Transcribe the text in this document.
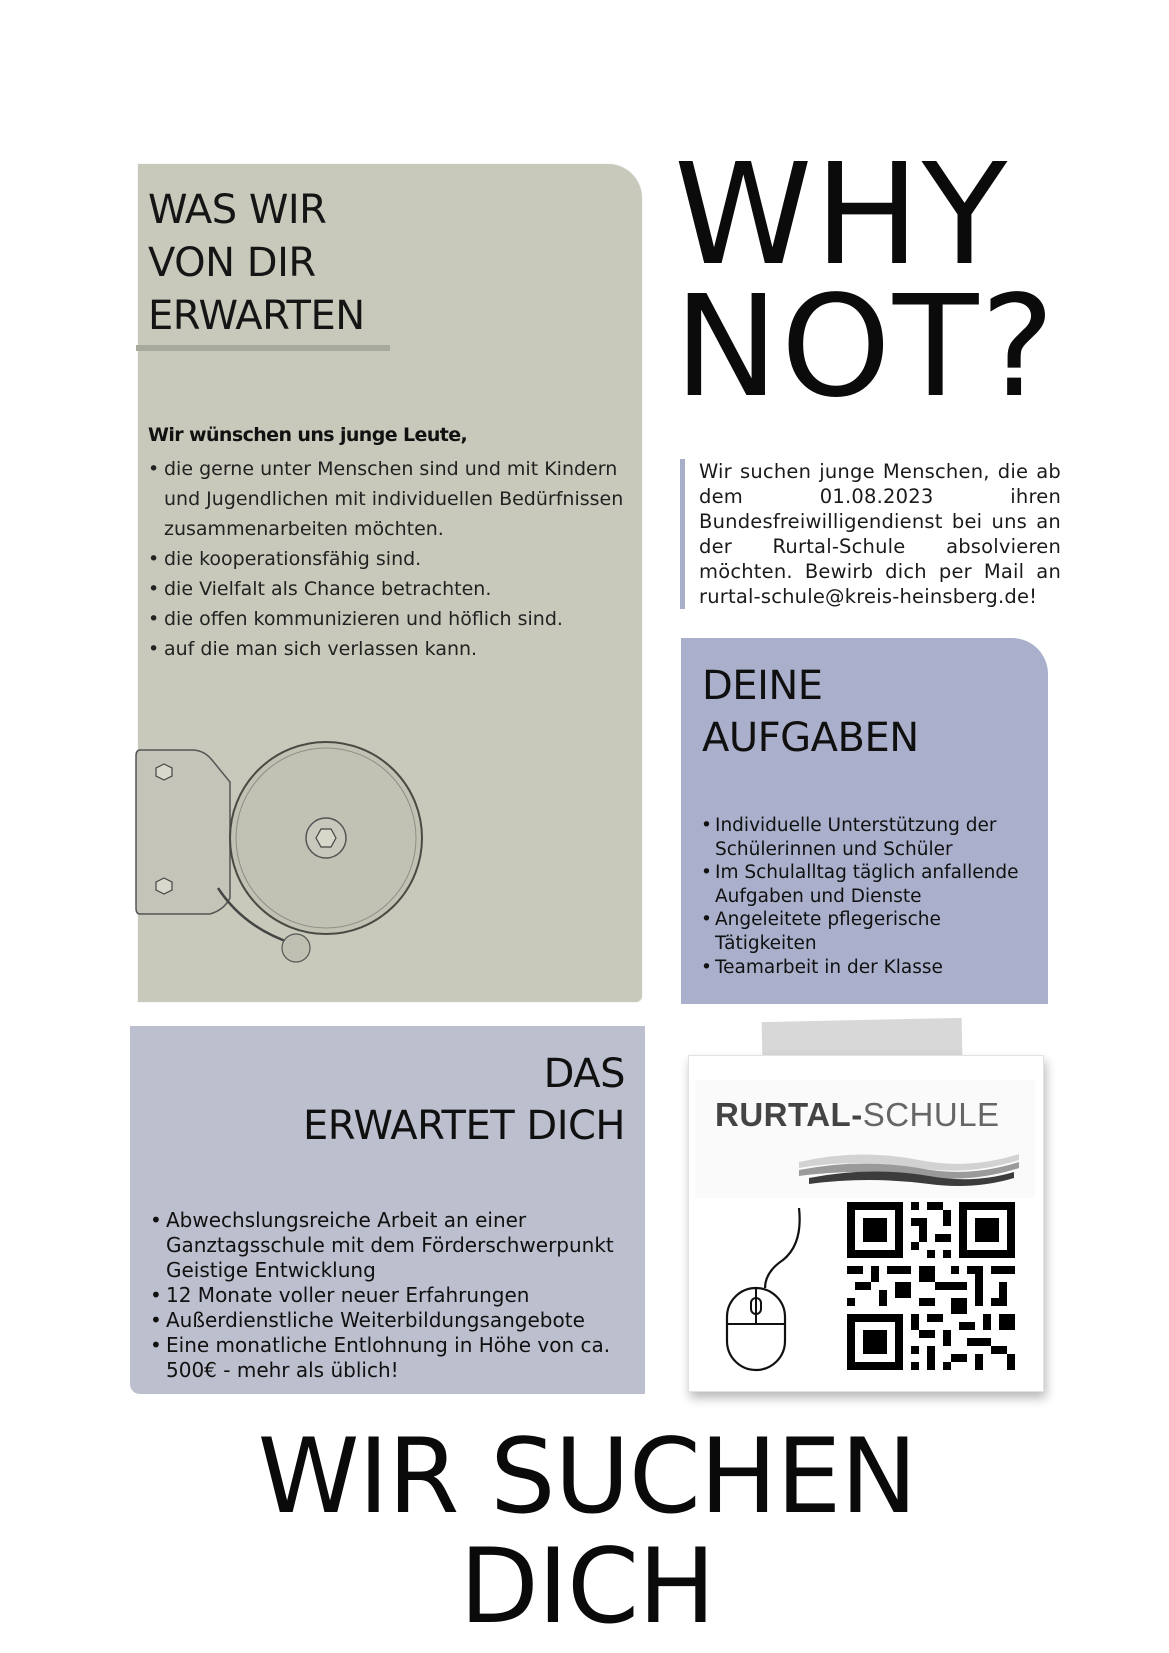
WAS WIR
VON DIR
ERWARTEN
Wir wünschen uns junge Leute,
• die gerne unter Menschen sind und mit Kindern und Jugendlichen mit individuellen Bedürfnissen zusammenarbeiten möchten.
• die kooperationsfähig sind.
• die Vielfalt als Chance betrachten.
• die offen kommunizieren und höflich sind.
• auf die man sich verlassen kann.
WHY
NOT?
Wir suchen junge Menschen, die ab dem 01.08.2023 ihren Bundesfreiwilligendienst bei uns an der Rurtal-Schule absolvieren möchten. Bewirb dich per Mail an rurtal-schule@kreis-heinsberg.de!
DEINE
AUFGABEN
• Individuelle Unterstützung der Schülerinnen und Schüler
• Im Schulalltag täglich anfallende Aufgaben und Dienste
• Angeleitete pflegerische Tätigkeiten
• Teamarbeit in der Klasse
DAS
ERWARTET DICH
• Abwechslungsreiche Arbeit an einer Ganztagsschule mit dem Förderschwerpunkt Geistige Entwicklung
• 12 Monate voller neuer Erfahrungen
• Außerdienstliche Weiterbildungsangebote
• Eine monatliche Entlohnung in Höhe von ca. 500€ - mehr als üblich!
RURTAL-SCHULE
WIR SUCHEN DICH
